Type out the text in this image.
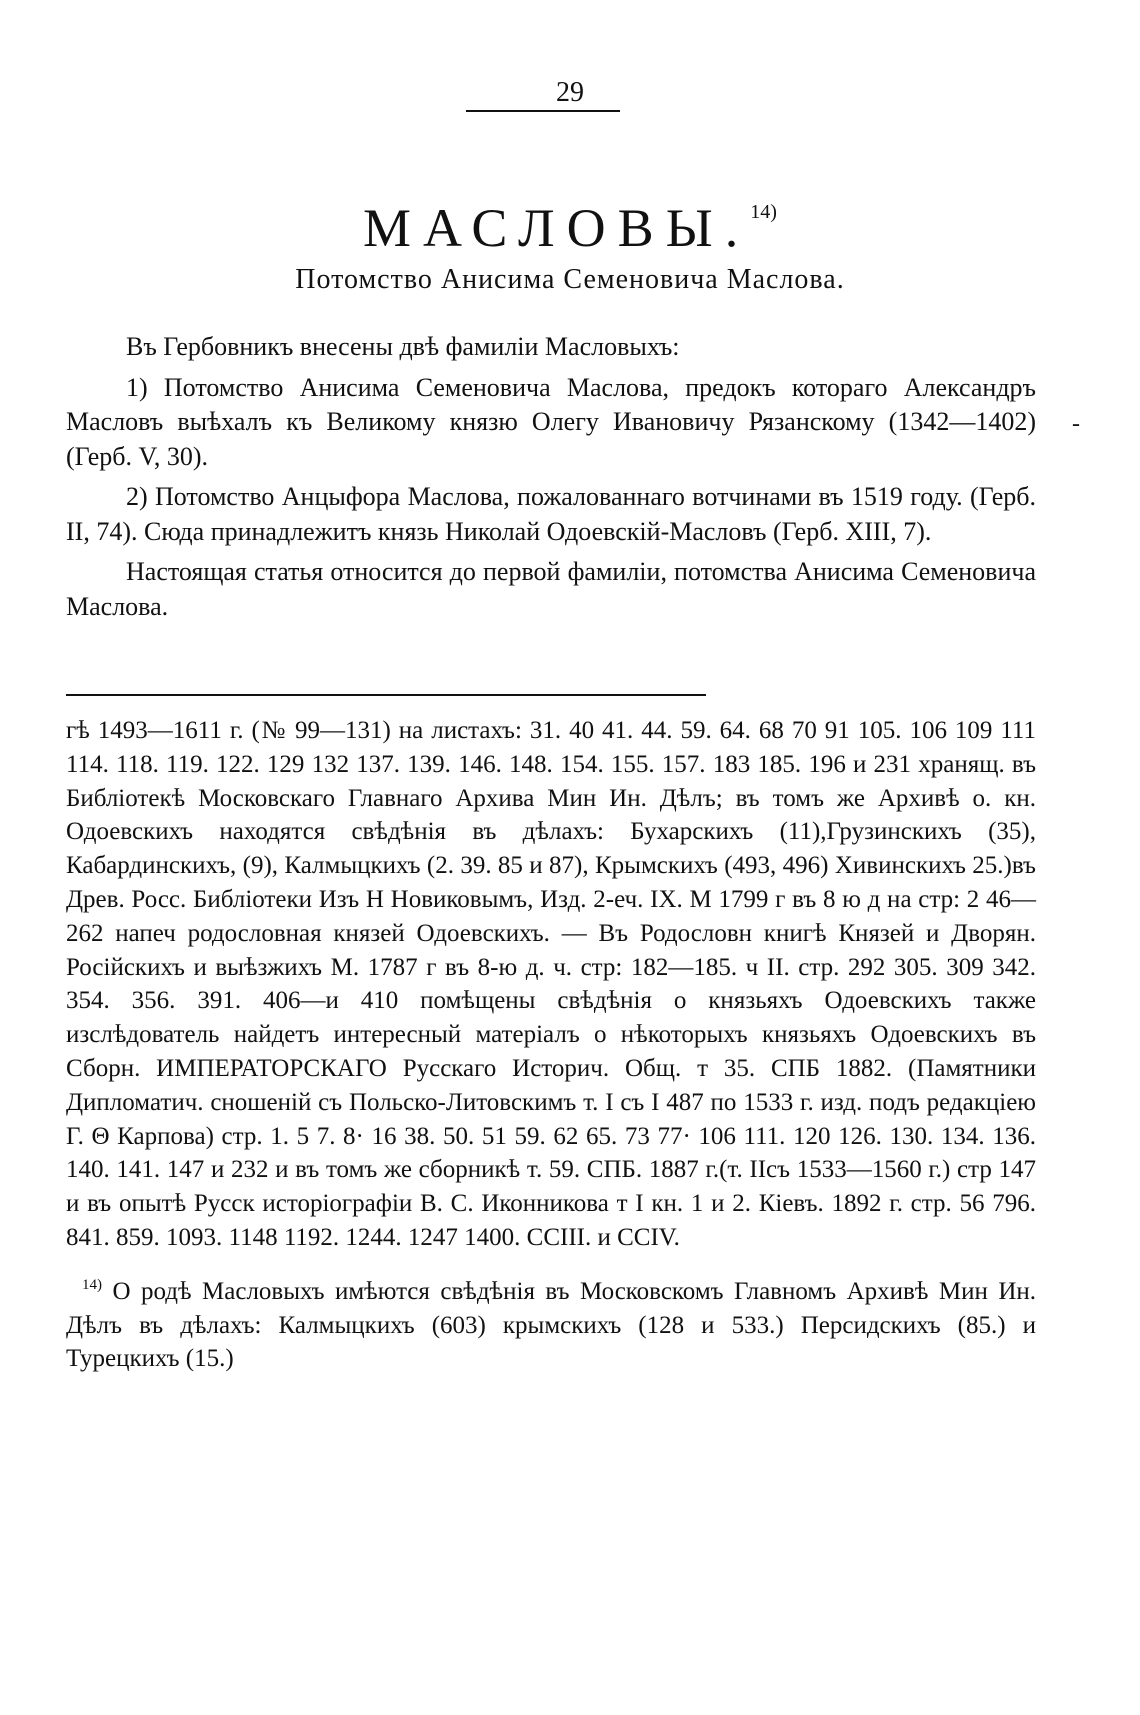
29
МАСЛОВЫ.$^{14)}$
Потомство Анисима Семеновича Маслова.

Въ Гербовникъ внесены двѣ фамиліи Масловыхъ:

1) Потомство Анисима Семеновича Маслова, предокъ котораго Александръ Масловъ выѣхалъ къ Великому князю Олегу Ивановичу Рязанскому (1342—1402) (Герб. V, 30).

2) Потомство Анцыфора Маслова, пожалованнаго вотчинами въ 1519 году. (Герб. II, 74). Сюда принадлежитъ князь Николай Одоевскій-Масловъ (Герб. XIII, 7).

Настоящая статья относится до первой фамиліи, потомства Анисима Семеновича Маслова.

-

гѣ 1493—1611 г. (№ 99—131) на листахъ: 31. 40 41. 44. 59. 64. 68 70 91 105. 106 109 111 114. 118. 119. 122. 129 132 137. 139. 146. 148. 154. 155. 157. 183 185. 196 и 231 хранящ. въ Библіотекѣ Московскаго Главнаго Архива Мин Ин. Дѣлъ; въ томъ же Архивѣ о. кн. Одоевскихъ находятся свѣдѣнія въ дѣлахъ: Бухарскихъ (11),Грузинскихъ (35), Кабардинскихъ, (9), Калмыцкихъ (2. 39. 85 и 87), Крымскихъ (493, 496) Хивинскихъ 25.)въ Древ. Росс. Библіотеки Изъ Н Новиковымъ, Изд. 2-еч. IX. М 1799 г въ 8 ю д на стр: 2 46—262 напеч родословная князей Одоевскихъ. — Въ Родословн книгѣ Князей и Дворян. Російскихъ и выѣзжихъ М. 1787 г въ 8-ю д. ч. стр: 182—185. ч II. стр. 292 305. 309 342. 354. 356. 391. 406—и 410 помѣщены свѣдѣнія о князьяхъ Одоевскихъ также изслѣдователь найдетъ интересный матеріалъ о нѣкоторыхъ князьяхъ Одоевскихъ въ Сборн. ИМПЕРАТОРСКАГО Русскаго Историч. Общ. т 35. СПБ 1882. (Памятники Дипломатич. сношеній съ Польско-Литовскимъ т. I съ I 487 по 1533 г. изд. подъ редакціею Г. Θ Карпова) стр. 1. 5 7. 8· 16 38. 50. 51 59. 62 65. 73 77· 106 111. 120 126. 130. 134. 136. 140. 141. 147 и 232 и въ томъ же сборникѣ т. 59. СПБ. 1887 г.(т. IIсъ 1533—1560 г.) стр 147 и въ опытѣ Русск исторіографіи В. С. Иконникова т I кн. 1 и 2. Кіевъ. 1892 г. стр. 56 796. 841. 859. 1093. 1148 1192. 1244. 1247 1400. CCIII. и CCIV.

$^{14)}$ О родѣ Масловыхъ имѣются свѣдѣнія въ Московскомъ Главномъ Архивѣ Мин Ин. Дѣлъ въ дѣлахъ: Калмыцкихъ (603) крымскихъ (128 и 533.) Персидскихъ (85.) и Турецкихъ (15.)
